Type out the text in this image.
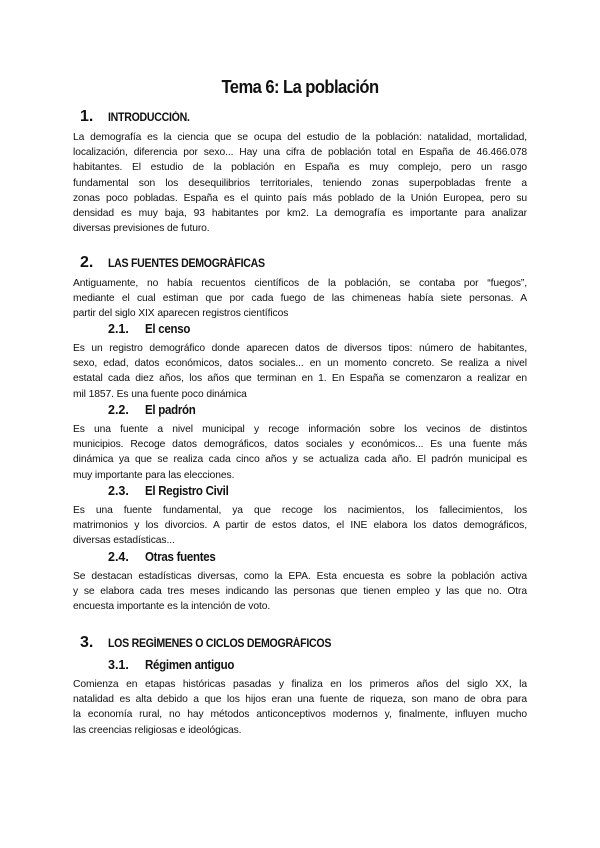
Tema 6: La población
1.	INTRODUCCIÓN.
La demografía es la ciencia que se ocupa del estudio de la población: natalidad, mortalidad,
localización, diferencia por sexo... Hay una cifra de población total en España de 46.466.078
habitantes. El estudio de la población en España es muy complejo, pero un rasgo
fundamental son los desequilibrios territoriales, teniendo zonas superpobladas frente a
zonas poco pobladas. España es el quinto país más poblado de la Unión Europea, pero su
densidad es muy baja, 93 habitantes por km2. La demografía es importante para analizar
diversas previsiones de futuro.
2.	LAS FUENTES DEMOGRÁFICAS
Antiguamente, no había recuentos científicos de la población, se contaba por “fuegos”,
mediante el cual estiman que por cada fuego de las chimeneas había siete personas. A
partir del siglo XIX aparecen registros científicos
2.1.	El censo
Es un registro demográfico donde aparecen datos de diversos tipos: número de habitantes,
sexo, edad, datos económicos, datos sociales... en un momento concreto. Se realiza a nivel
estatal cada diez años, los años que terminan en 1. En España se comenzaron a realizar en
mil 1857. Es una fuente poco dinámica
2.2.	El padrón
Es una fuente a nivel municipal y recoge información sobre los vecinos de distintos
municipios. Recoge datos demográficos, datos sociales y económicos... Es una fuente más
dinámica ya que se realiza cada cinco años y se actualiza cada año. El padrón municipal es
muy importante para las elecciones.
2.3.	El Registro Civil
Es una fuente fundamental, ya que recoge los nacimientos, los fallecimientos, los
matrimonios y los divorcios. A partir de estos datos, el INE elabora los datos demográficos,
diversas estadísticas...
2.4.	Otras fuentes
Se destacan estadísticas diversas, como la EPA. Esta encuesta es sobre la población activa
y se elabora cada tres meses indicando las personas que tienen empleo y las que no. Otra
encuesta importante es la intención de voto.
3.	LOS REGÍMENES O CICLOS DEMOGRÁFICOS
3.1.	Régimen antiguo
Comienza en etapas históricas pasadas y finaliza en los primeros años del siglo XX, la
natalidad es alta debido a que los hijos eran una fuente de riqueza, son mano de obra para
la economía rural, no hay métodos anticonceptivos modernos y, finalmente, influyen mucho
las creencias religiosas e ideológicas.
